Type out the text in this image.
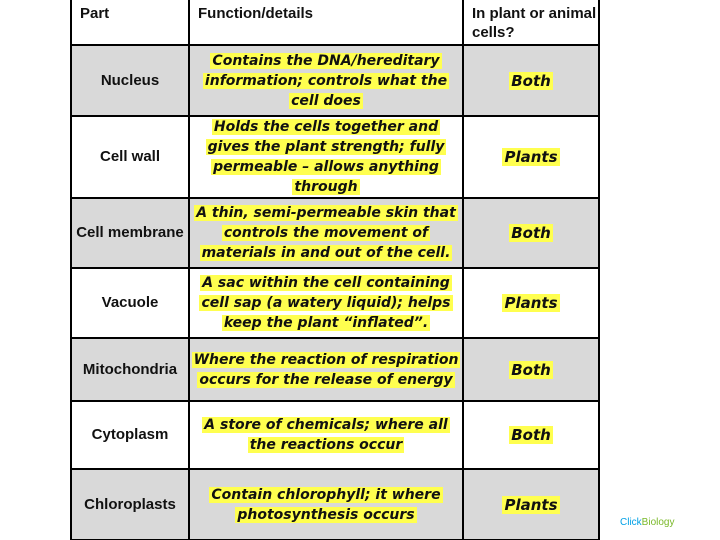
Part	Function/details	In plant or animal cells?
Nucleus	Contains the DNA/hereditary information; controls what the cell does	Both
Cell wall	Holds the cells together and gives the plant strength; fully permeable – allows anything through	Plants
Cell membrane	A thin, semi-permeable skin that controls the movement of materials in and out of the cell.	Both
Vacuole	A sac within the cell containing cell sap (a watery liquid); helps keep the plant “inflated”.	Plants
Mitochondria	Where the reaction of respiration occurs for the release of energy	Both
Cytoplasm	A store of chemicals; where all the reactions occur	Both
Chloroplasts	Contain chlorophyll; it where photosynthesis occurs	Plants
ClickBiology
